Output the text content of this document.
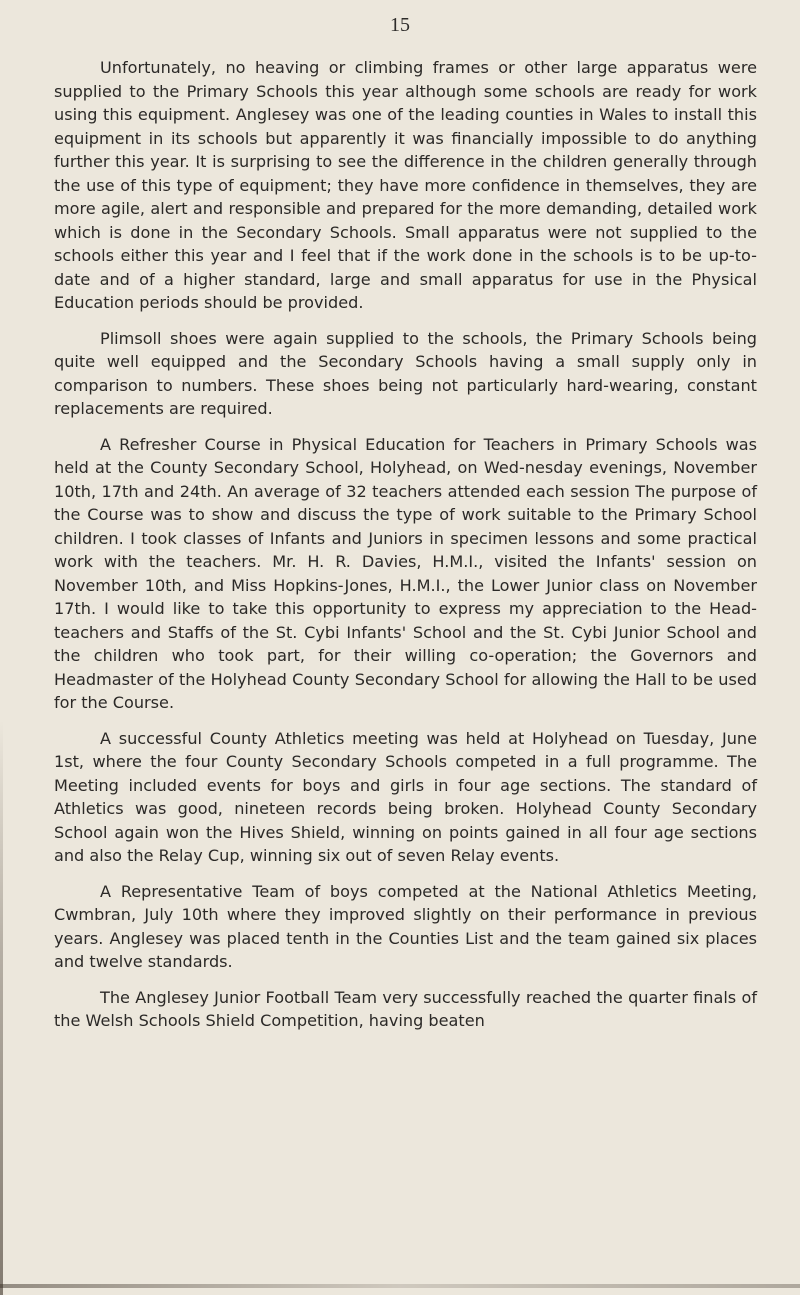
15

Unfortunately, no heaving or climbing frames or other large apparatus were supplied to the Primary Schools this year although some schools are ready for work using this equipment. Anglesey was one of the leading counties in Wales to install this equipment in its schools but apparently it was financially impossible to do anything further this year. It is surprising to see the difference in the children generally through the use of this type of equipment; they have more confidence in themselves, they are more agile, alert and responsible and prepared for the more demanding, detailed work which is done in the Secondary Schools. Small apparatus were not supplied to the schools either this year and I feel that if the work done in the schools is to be up-to-date and of a higher standard, large and small apparatus for use in the Physical Education periods should be provided.

Plimsoll shoes were again supplied to the schools, the Primary Schools being quite well equipped and the Secondary Schools having a small supply only in comparison to numbers. These shoes being not particularly hard-wearing, constant replacements are required.

A Refresher Course in Physical Education for Teachers in Primary Schools was held at the County Secondary School, Holyhead, on Wed-nesday evenings, November 10th, 17th and 24th. An average of 32 teachers attended each session The purpose of the Course was to show and discuss the type of work suitable to the Primary School children. I took classes of Infants and Juniors in specimen lessons and some practical work with the teachers. Mr. H. R. Davies, H.M.I., visited the Infants' session on November 10th, and Miss Hopkins-Jones, H.M.I., the Lower Junior class on November 17th. I would like to take this opportunity to express my appreciation to the Head-teachers and Staffs of the St. Cybi Infants' School and the St. Cybi Junior School and the children who took part, for their willing co-operation; the Governors and Headmaster of the Holyhead County Secondary School for allowing the Hall to be used for the Course.

A successful County Athletics meeting was held at Holyhead on Tuesday, June 1st, where the four County Secondary Schools competed in a full programme. The Meeting included events for boys and girls in four age sections. The standard of Athletics was good, nineteen records being broken. Holyhead County Secondary School again won the Hives Shield, winning on points gained in all four age sections and also the Relay Cup, winning six out of seven Relay events.

A Representative Team of boys competed at the National Athletics Meeting, Cwmbran, July 10th where they improved slightly on their performance in previous years. Anglesey was placed tenth in the Counties List and the team gained six places and twelve standards.

The Anglesey Junior Football Team very successfully reached the quarter finals of the Welsh Schools Shield Competition, having beaten
